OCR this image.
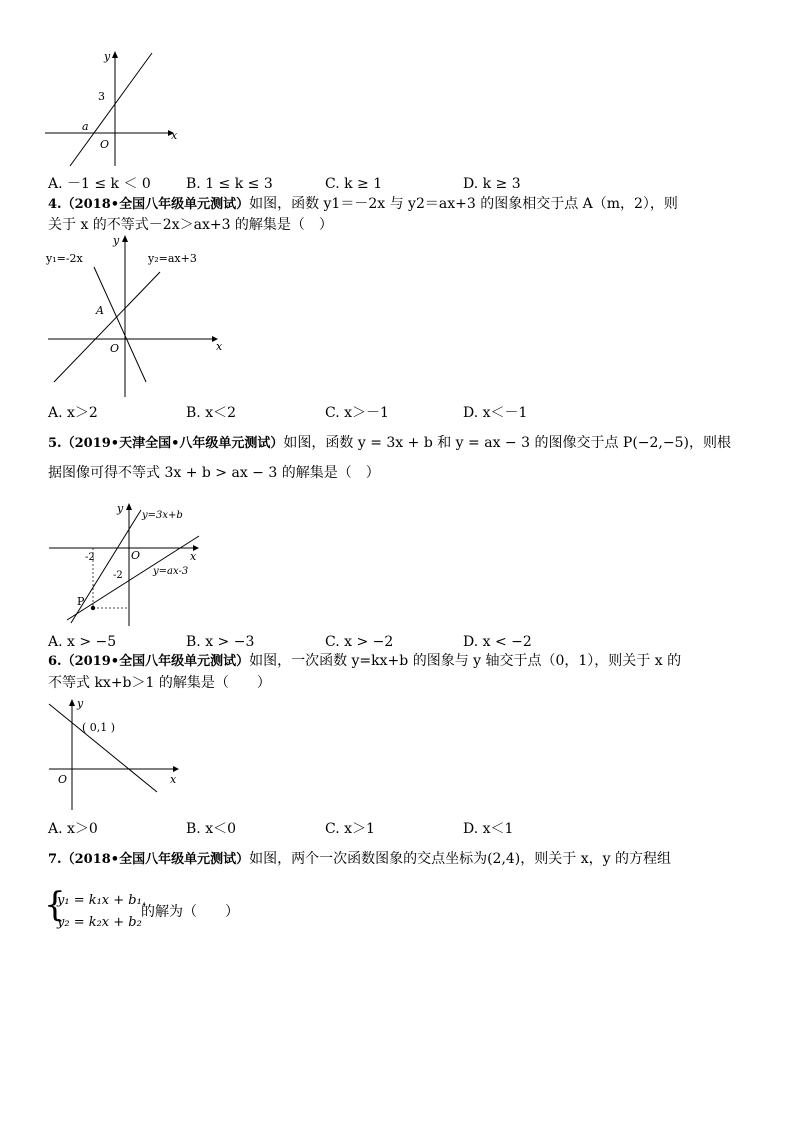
y
x
3
a
O
A. －1 ≤ k ＜ 0	B. 1 ≤ k ≤ 3	C. k ≥ 1	D. k ≥ 3
4.（2018•全国八年级单元测试）如图，函数 y1＝－2x 与 y2＝ax+3 的图象相交于点 A（m，2），则
关于 x 的不等式－2x＞ax+3 的解集是（　）
y
x
O
A
y₁=-2x	y₂=ax+3
A. x＞2	B. x＜2	C. x＞－1	D. x＜－1
5.（2019•天津全国•八年级单元测试）如图，函数 y = 3x + b 和 y = ax − 3 的图像交于点 P(−2,−5)，则根
据图像可得不等式 3x + b > ax − 3 的解集是（　）
y
x
O
-2
-2
P
y=3x+b
y=ax-3
A. x > −5	B. x > −3	C. x > −2	D. x < −2
6.（2019•全国八年级单元测试）如图，一次函数 y=kx+b 的图象与 y 轴交于点（0，1），则关于 x 的
不等式 kx+b＞1 的解集是（　　）
y
x
O
( 0,1 )
A. x＞0	B. x＜0	C. x＞1	D. x＜1
7.（2018•全国八年级单元测试）如图，两个一次函数图象的交点坐标为(2,4)，则关于 x，y 的方程组
{
y₁ = k₁x + b₁,
y₂ = k₂x + b₂
的解为（　　）
